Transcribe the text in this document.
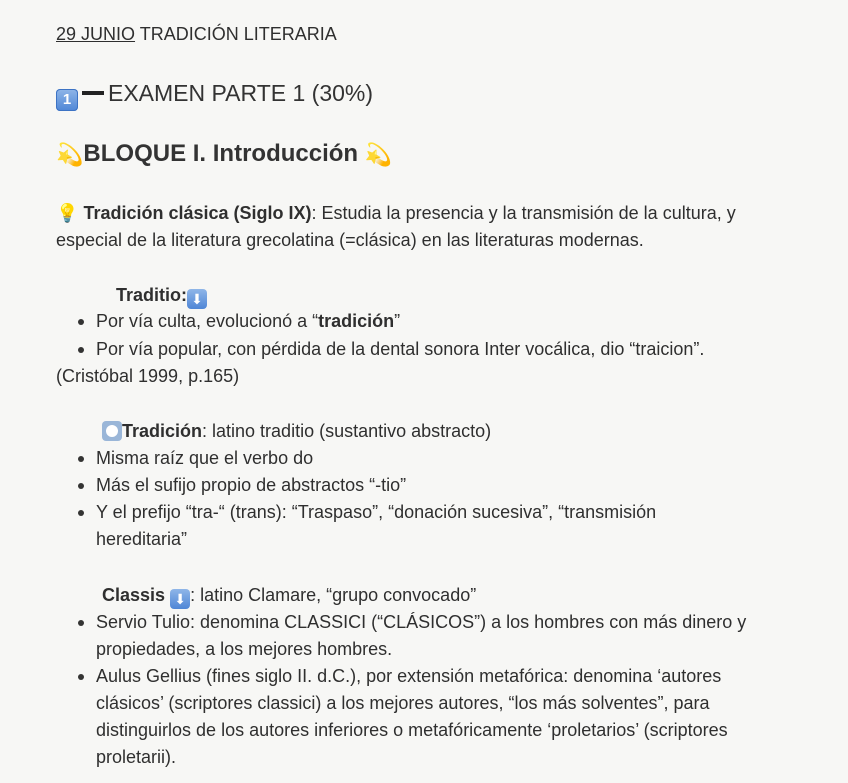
29 JUNIO TRADICIÓN LITERARIA
1 EXAMEN PARTE 1 (30%)
💫BLOQUE I. Introducción 💫
💡 Tradición clásica (Siglo IX): Estudia la presencia y la transmisión de la cultura, y
especial de la literatura grecolatina (=clásica) en las literaturas modernas.
Traditio: ⬇
Por vía culta, evolucionó a “tradición”
Por vía popular, con pérdida de la dental sonora Inter vocálica, dio “traicion”.
(Cristóbal 1999, p.165)
Tradición: latino traditio (sustantivo abstracto)
Misma raíz que el verbo do
Más el sufijo propio de abstractos “-tio”
Y el prefijo “tra-“ (trans): “Traspaso”, “donación sucesiva”, “transmisión
hereditaria”
Classis ⬇ : latino Clamare, “grupo convocado”
Servio Tulio: denomina CLASSICI (“CLÁSICOS”) a los hombres con más dinero y
propiedades, a los mejores hombres.
Aulus Gellius (fines siglo II. d.C.), por extensión metafórica: denomina ‘autores
clásicos’ (scriptores classici) a los mejores autores, “los más solventes”, para
distinguirlos de los autores inferiores o metafóricamente ‘proletarios’ (scriptores
proletarii).
